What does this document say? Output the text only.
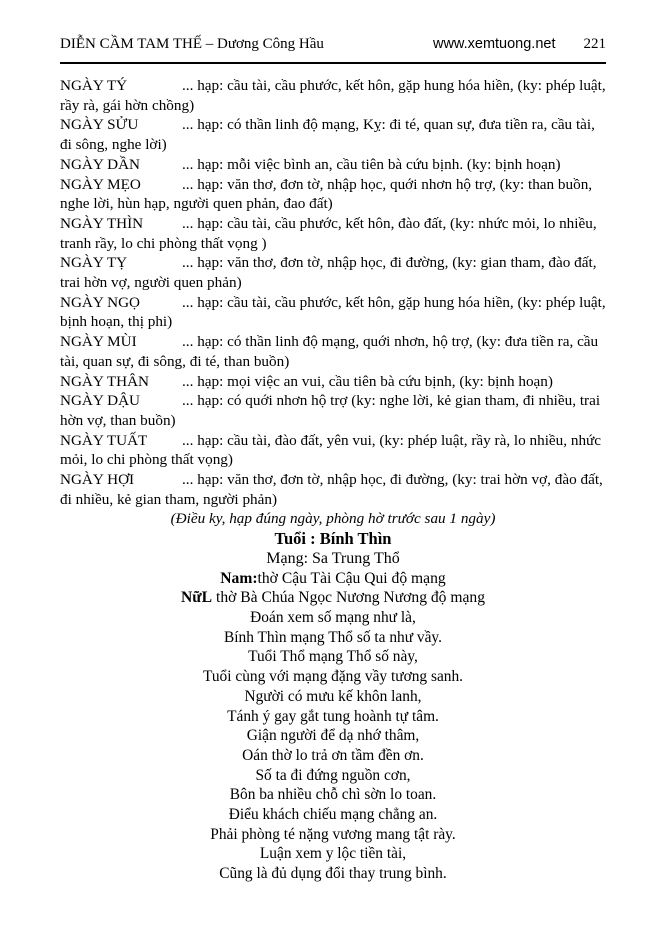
DIỄN CẦM TAM THẾ – Dương Công Hầu	www.xemtuong.net 221

NGÀY TÝ	... hạp: cầu tài, cầu phước, kết hôn, gặp hung hóa hiền, (ky: phép luật, rầy rà, gái hờn chồng)

NGÀY SỬU	... hạp: có thần linh độ mạng, Kỵ: đi té, quan sự, đưa tiền ra, cầu tài, đi sông, nghe lời)

NGÀY DẦN	... hạp: mỗi việc bình an, cầu tiên bà cứu bịnh. (ky: bịnh hoạn)

NGÀY MẸO	... hạp: văn thơ, đơn tờ, nhập học, quới nhơn hộ trợ, (ky: than buồn, nghe lời, hùn hạp, người quen phản, đao đất)

NGÀY THÌN	... hạp: cầu tài, cầu phước, kết hôn, đào đất, (ky: nhức mỏi, lo nhiều, tranh rầy, lo chi phòng thất vọng )

NGÀY TỴ	... hạp: văn thơ, đơn tờ, nhập học, đi đường, (ky: gian tham, đào đất, trai hờn vợ, người quen phản)

NGÀY NGỌ	... hạp: cầu tài, cầu phước, kết hôn, gặp hung hóa hiền, (ky: phép luật, bịnh hoạn, thị phi)

NGÀY MÙI	... hạp: có thần linh độ mạng, quới nhơn, hộ trợ, (ky: đưa tiền ra, cầu tài, quan sự, đi sông, đi té, than buồn)

NGÀY THÂN ... hạp: mọi việc an vui, cầu tiên bà cứu bịnh, (ky: bịnh hoạn)

NGÀY DẬU	... hạp: có quới nhơn hộ trợ (ky: nghe lời, kẻ gian tham, đi nhiều, trai hờn vợ, than buồn)

NGÀY TUẤT ... hạp: cầu tài, đào đất, yên vui, (ky: phép luật, rầy rà, lo nhiều, nhức mỏi, lo chi phòng thất vọng)

NGÀY HỢI	... hạp: văn thơ, đơn tờ, nhập học, đi đường, (ky: trai hờn vợ, đào đất, đi nhiều, kẻ gian tham, người phản)

(Điều ky, hạp đúng ngày, phòng hờ trước sau 1 ngày)

Tuổi : Bính Thìn

Mạng: Sa Trung Thổ

Nam:thờ Cậu Tài Cậu Qui độ mạng

NữL thờ Bà Chúa Ngọc Nương Nương độ mạng

Đoán xem số mạng như là,

Bính Thìn mạng Thổ số ta như vầy.

Tuổi Thổ mạng Thổ số này,

Tuổi cùng với mạng đặng vầy tương sanh.

Người có mưu kế khôn lanh,

Tánh ý gay gắt tung hoành tự tâm.

Giận người để dạ nhớ thâm,

Oán thờ lo trả ơn tầm đền ơn.

Số ta đi đứng nguồn cơn,

Bôn ba nhiều chỗ chì sờn lo toan.

Điểu khách chiếu mạng chẳng an.

Phải phòng té nặng vương mang tật rày.

Luận xem y lộc tiền tài,

Cũng là đủ dụng đổi thay trung bình.
